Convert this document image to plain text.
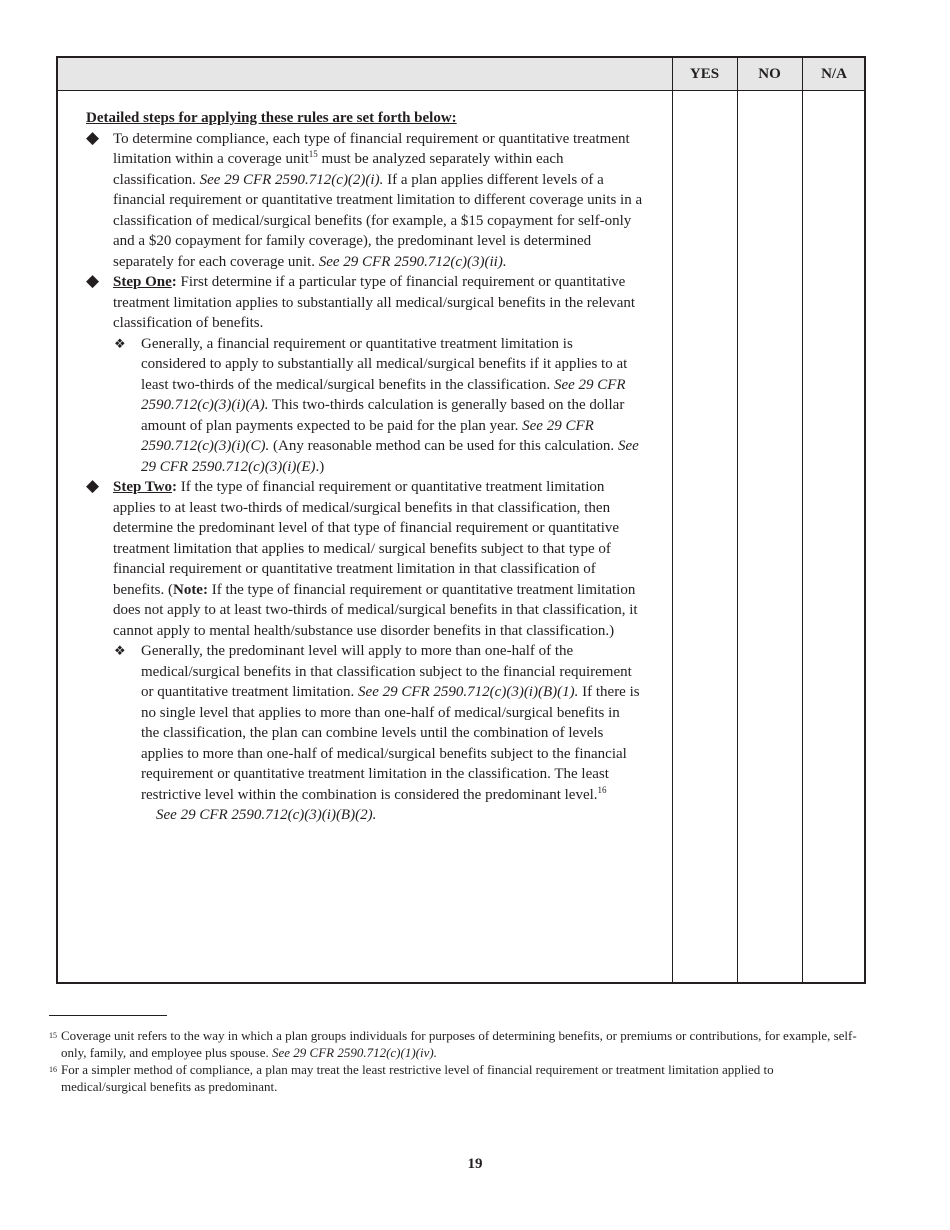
YES	NO	N/A

Detailed steps for applying these rules are set forth below:

◆ To determine compliance, each type of financial requirement or quantitative treatment limitation within a coverage unit$^{15}$ must be analyzed separately within each classification. See 29 CFR 2590.712(c)(2)(i). If a plan applies different levels of a financial requirement or quantitative treatment limitation to different coverage units in a classification of medical/surgical benefits (for example, a $15 copayment for self-only and a $20 copayment for family coverage), the predominant level is determined separately for each coverage unit. See 29 CFR 2590.712(c)(3)(ii).
◆ Step One: First determine if a particular type of financial requirement or quantitative treatment limitation applies to substantially all medical/surgical benefits in the relevant classification of benefits.
❖ Generally, a financial requirement or quantitative treatment limitation is considered to apply to substantially all medical/surgical benefits if it applies to at least two-thirds of the medical/surgical benefits in the classification. See 29 CFR 2590.712(c)(3)(i)(A). This two-thirds calculation is generally based on the dollar amount of plan payments expected to be paid for the plan year. See 29 CFR 2590.712(c)(3)(i)(C). (Any reasonable method can be used for this calculation. See 29 CFR 2590.712(c)(3)(i)(E).)
◆ Step Two: If the type of financial requirement or quantitative treatment limitation applies to at least two-thirds of medical/surgical benefits in that classification, then determine the predominant level of that type of financial requirement or quantitative treatment limitation that applies to medical/ surgical benefits subject to that type of financial requirement or quantitative treatment limitation in that classification of benefits. (Note: If the type of financial requirement or quantitative treatment limitation does not apply to at least two-thirds of medical/surgical benefits in that classification, it cannot apply to mental health/substance use disorder benefits in that classification.)
❖ Generally, the predominant level will apply to more than one-half of the medical/surgical benefits in that classification subject to the financial requirement or quantitative treatment limitation. See 29 CFR 2590.712(c)(3)(i)(B)(1). If there is no single level that applies to more than one-half of medical/surgical benefits in the classification, the plan can combine levels until the combination of levels applies to more than one-half of medical/surgical benefits subject to the financial requirement or quantitative treatment limitation in the classification. The least restrictive level within the combination is considered the predominant level.$^{16}$    See 29 CFR 2590.712(c)(3)(i)(B)(2).
15 Coverage unit refers to the way in which a plan groups individuals for purposes of determining benefits, or premiums or contributions, for example, self-only, family, and employee plus spouse. See 29 CFR 2590.712(c)(1)(iv).
16 For a simpler method of compliance, a plan may treat the least restrictive level of financial requirement or treatment limitation applied to medical/surgical benefits as predominant.
19
